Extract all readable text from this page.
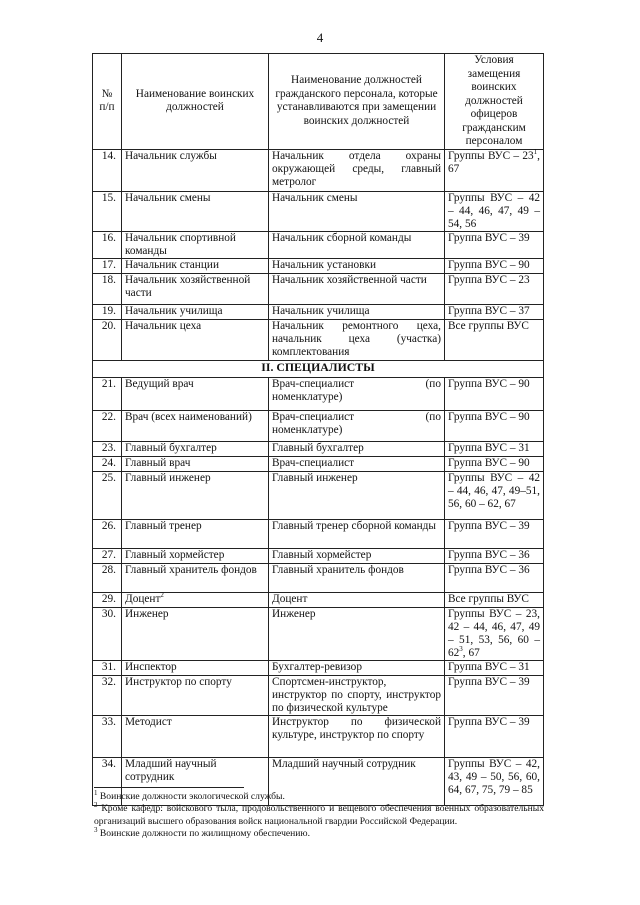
4
№ п/п	Наименование воинских должностей	Наименование должностей гражданского персонала, которые устанавливаются при замещении воинских должностей	Условия замещения воинских должностей офицеров гражданским персоналом
14.	Начальник службы	Начальник отдела охраны окружающей среды, главный метролог	Группы ВУС – $23^1$, 67
15.	Начальник смены	Начальник смены	Группы ВУС – 42 – 44, 46, 47, 49 – 54, 56
16.	Начальник спортивной команды	Начальник сборной команды	Группа ВУС – 39
17.	Начальник станции	Начальник установки	Группа ВУС – 90
18.	Начальник хозяйственной части	Начальник хозяйственной части	Группа ВУС – 23
19.	Начальник училища	Начальник училища	Группа ВУС – 37
20.	Начальник цеха	Начальник ремонтного цеха, начальник цеха (участка) комплектования	Все группы ВУС
II. СПЕЦИАЛИСТЫ			
21.	Ведущий врач	Врач-специалист (по номенклатуре)	Группа ВУС – 90
22.	Врач (всех наименований)	Врач-специалист (по номенклатуре)	Группа ВУС – 90
23.	Главный бухгалтер	Главный бухгалтер	Группа ВУС – 31
24.	Главный врач	Врач-специалист	Группа ВУС – 90
25.	Главный инженер	Главный инженер	Группы ВУС – 42 – 44, 46, 47, 49–51, 56, 60 – 62, 67
26.	Главный тренер	Главный тренер сборной команды	Группа ВУС – 39
27.	Главный хормейстер	Главный хормейстер	Группа ВУС – 36
28.	Главный хранитель фондов	Главный хранитель фондов	Группа ВУС – 36
29.	Доцент$^2$	Доцент	Все группы ВУС
30.	Инженер	Инженер	Группы ВУС – 23, 42 – 44, 46, 47, 49 – 51, 53, 56, $60 - 62^3$, 67
31.	Инспектор	Бухгалтер-ревизор	Группа ВУС – 31
32.	Инструктор по спорту	Спортсмен-инструктор, инструктор по спорту, инструктор по физической культуре	Группа ВУС – 39
33.	Методист	Инструктор по физической культуре, инструктор по спорту	Группа ВУС – 39
34.	Младший научный сотрудник	Младший научный сотрудник	Группы ВУС – 42, 43, 49 – 50, 56, 60, 64, 67, 75, 79 – 85
$^1$ Воинские должности экологической службы.
$^2$ Кроме кафедр: войскового тыла, продовольственного и вещевого обеспечения военных образовательных организаций высшего образования войск национальной гвардии Российской Федерации.
$^3$ Воинские должности по жилищному обеспечению.
